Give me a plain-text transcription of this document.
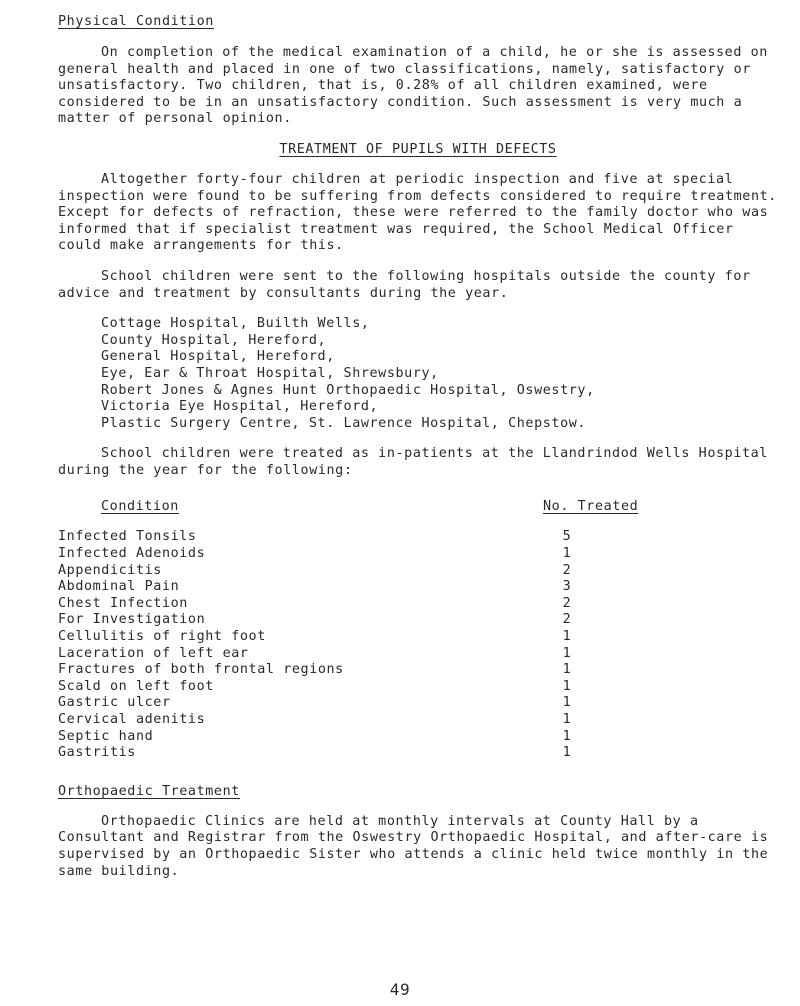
Physical Condition

On completion of the medical examination of a child, he or she is assessed on general health and placed in one of two classifications, namely, satisfactory or unsatisfactory. Two children, that is, 0.28% of all children examined, were considered to be in an unsatisfactory condition. Such assessment is very much a matter of personal opinion.

TREATMENT OF PUPILS WITH DEFECTS

Altogether forty-four children at periodic inspection and five at special inspection were found to be suffering from defects considered to require treatment. Except for defects of refraction, these were referred to the family doctor who was informed that if specialist treatment was required, the School Medical Officer could make arrangements for this.

School children were sent to the following hospitals outside the county for advice and treatment by consultants during the year.

Cottage Hospital, Builth Wells,
County Hospital, Hereford,
General Hospital, Hereford,
Eye, Ear & Throat Hospital, Shrewsbury,
Robert Jones & Agnes Hunt Orthopaedic Hospital, Oswestry,
Victoria Eye Hospital, Hereford,
Plastic Surgery Centre, St. Lawrence Hospital, Chepstow.

School children were treated as in-patients at the Llandrindod Wells Hospital during the year for the following:

Condition	No. Treated
Infected Tonsils	5
Infected Adenoids	1
Appendicitis	2
Abdominal Pain	3
Chest Infection	2
For Investigation	2
Cellulitis of right foot	1
Laceration of left ear	1
Fractures of both frontal regions	1
Scald on left foot	1
Gastric ulcer	1
Cervical adenitis	1
Septic hand	1
Gastritis	1
Orthopaedic Treatment

Orthopaedic Clinics are held at monthly intervals at County Hall by a Consultant and Registrar from the Oswestry Orthopaedic Hospital, and after-care is supervised by an Orthopaedic Sister who attends a clinic held twice monthly in the same building.

49
